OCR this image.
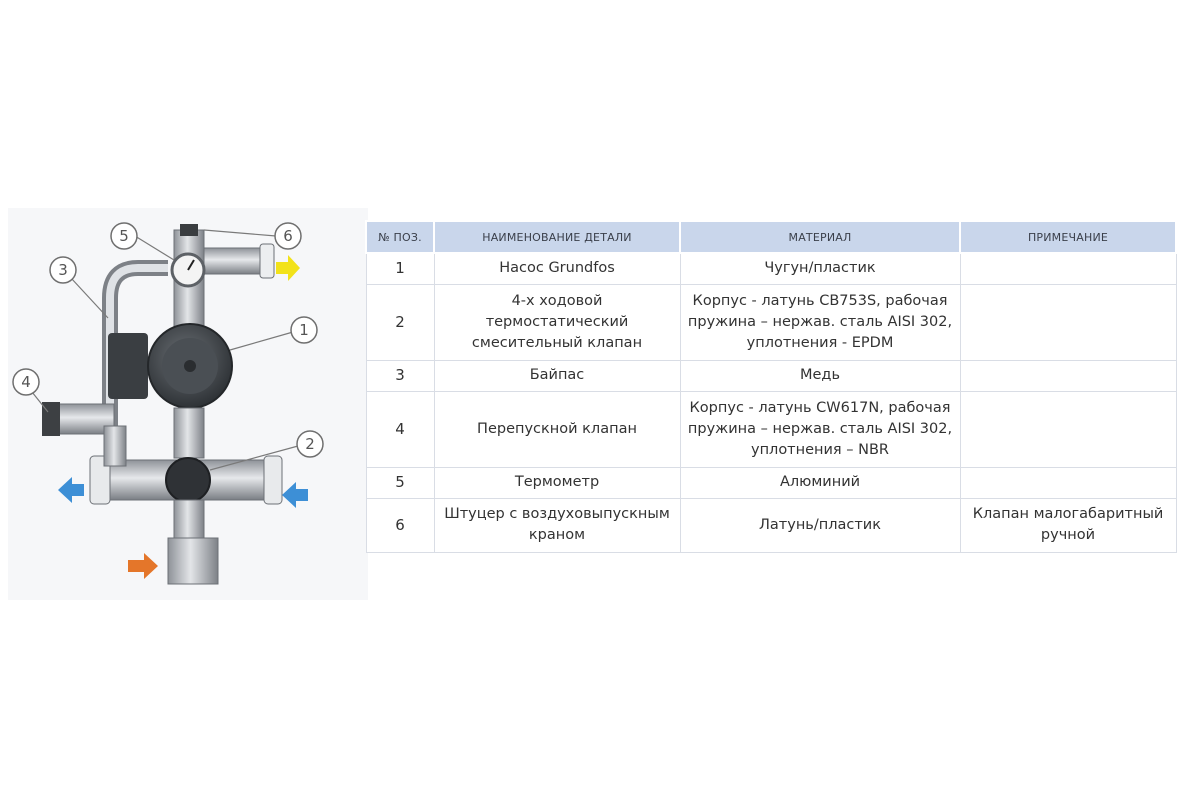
5	6
3
1
4
2
№ ПОЗ.	НАИМЕНОВАНИЕ ДЕТАЛИ	МАТЕРИАЛ	ПРИМЕЧАНИЕ
1	Насос Grundfos	Чугун/пластик	
2	4-х ходовой термостатический смесительный клапан	Корпус - латунь CB753S, рабочая пружина – нержав. сталь AISI 302, уплотнения - EPDM	
3	Байпас	Медь	
4	Перепускной клапан	Корпус - латунь CW617N, рабочая пружина – нержав. сталь AISI 302, уплотнения – NBR	
5	Термометр	Алюминий	
6	Штуцер с воздуховыпускным краном	Латунь/пластик	Клапан малогабаритный ручной
